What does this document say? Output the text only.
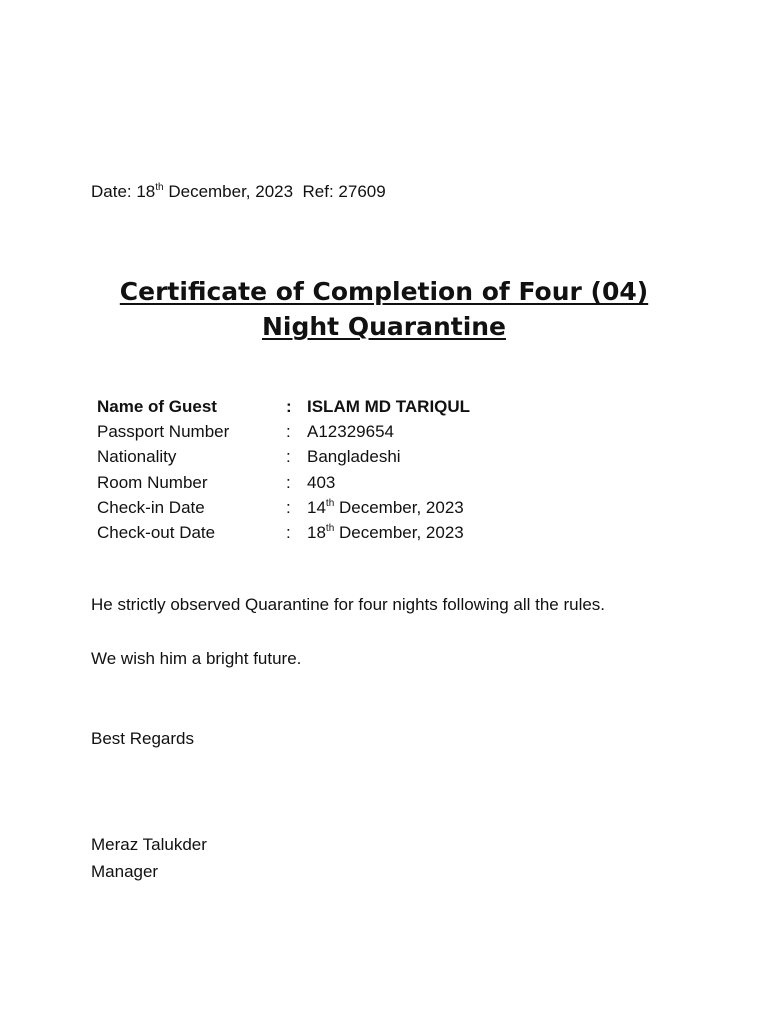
Date: 18th December, 2023 Ref: 27609
Certificate of Completion of Four (04)
Night Quarantine
Name of Guest	: ISLAM MD TARIQUL
Passport Number	: A12329654
Nationality	: Bangladeshi
Room Number	: 403
Check-in Date	: 14th December, 2023
Check-out Date	: 18th December, 2023
He strictly observed Quarantine for four nights following all the rules.
We wish him a bright future.
Best Regards
Meraz Talukder
Manager
